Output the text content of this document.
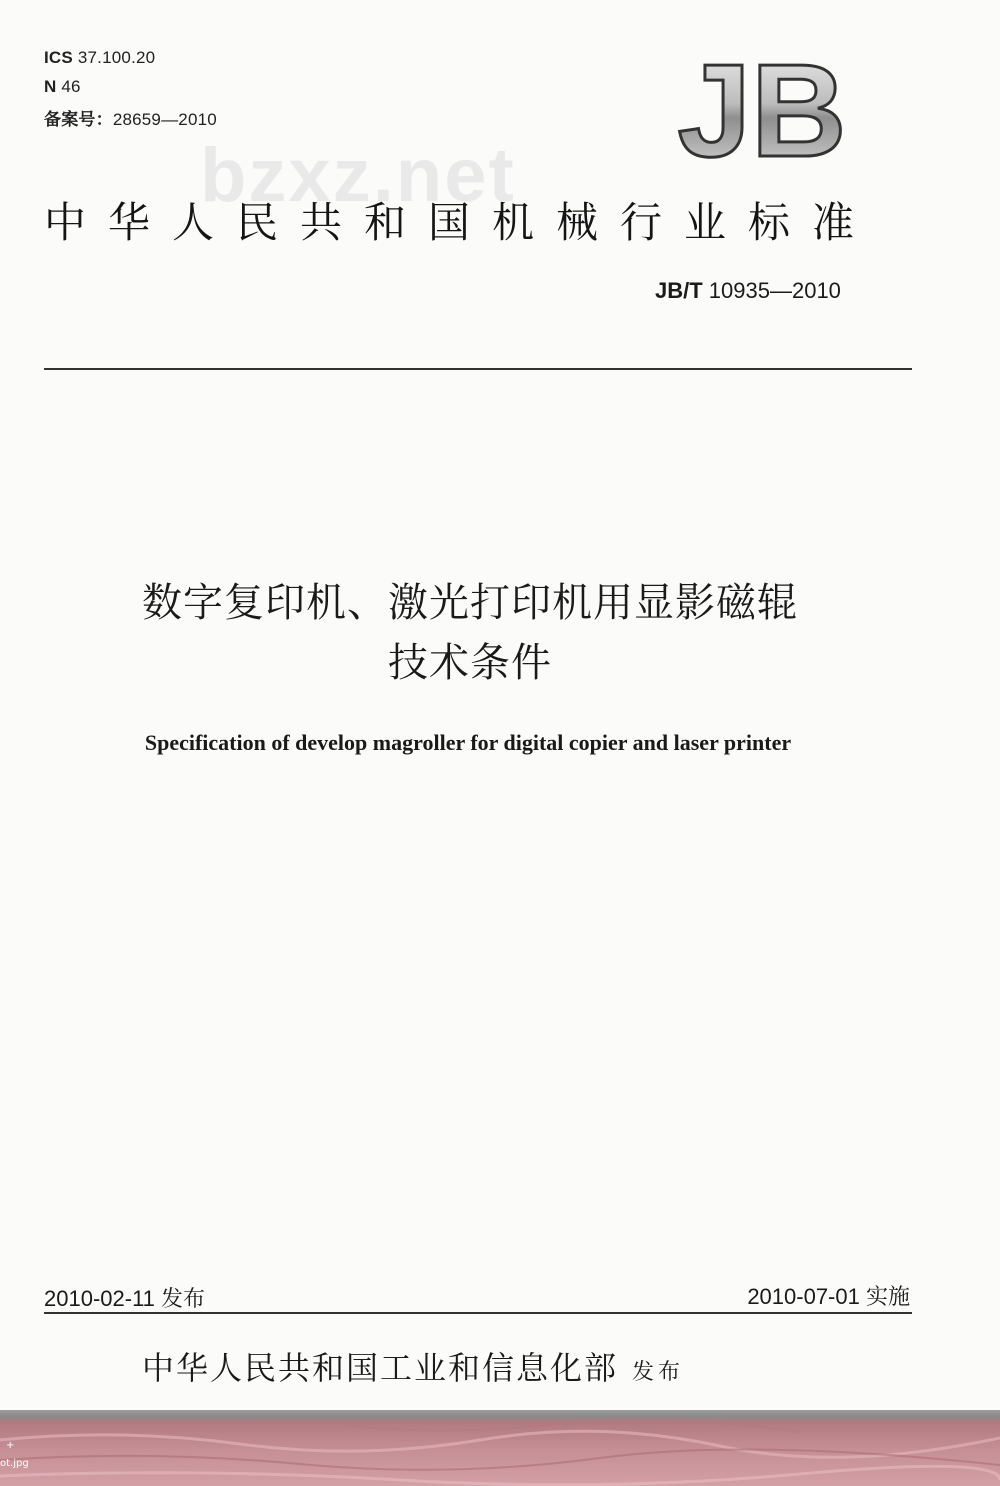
ICS 37.100.20
N 46
备案号：28659—2010	JB
bzxz.net
中华人民共和国机械行业标准
JB/T 10935—2010
数字复印机、激光打印机用显影磁辊
技术条件
Specification of develop magroller for digital copier and laser printer
2010-02-11 发布	2010-07-01 实施
中华人民共和国工业和信息化部 发布
+
ot.jpg
